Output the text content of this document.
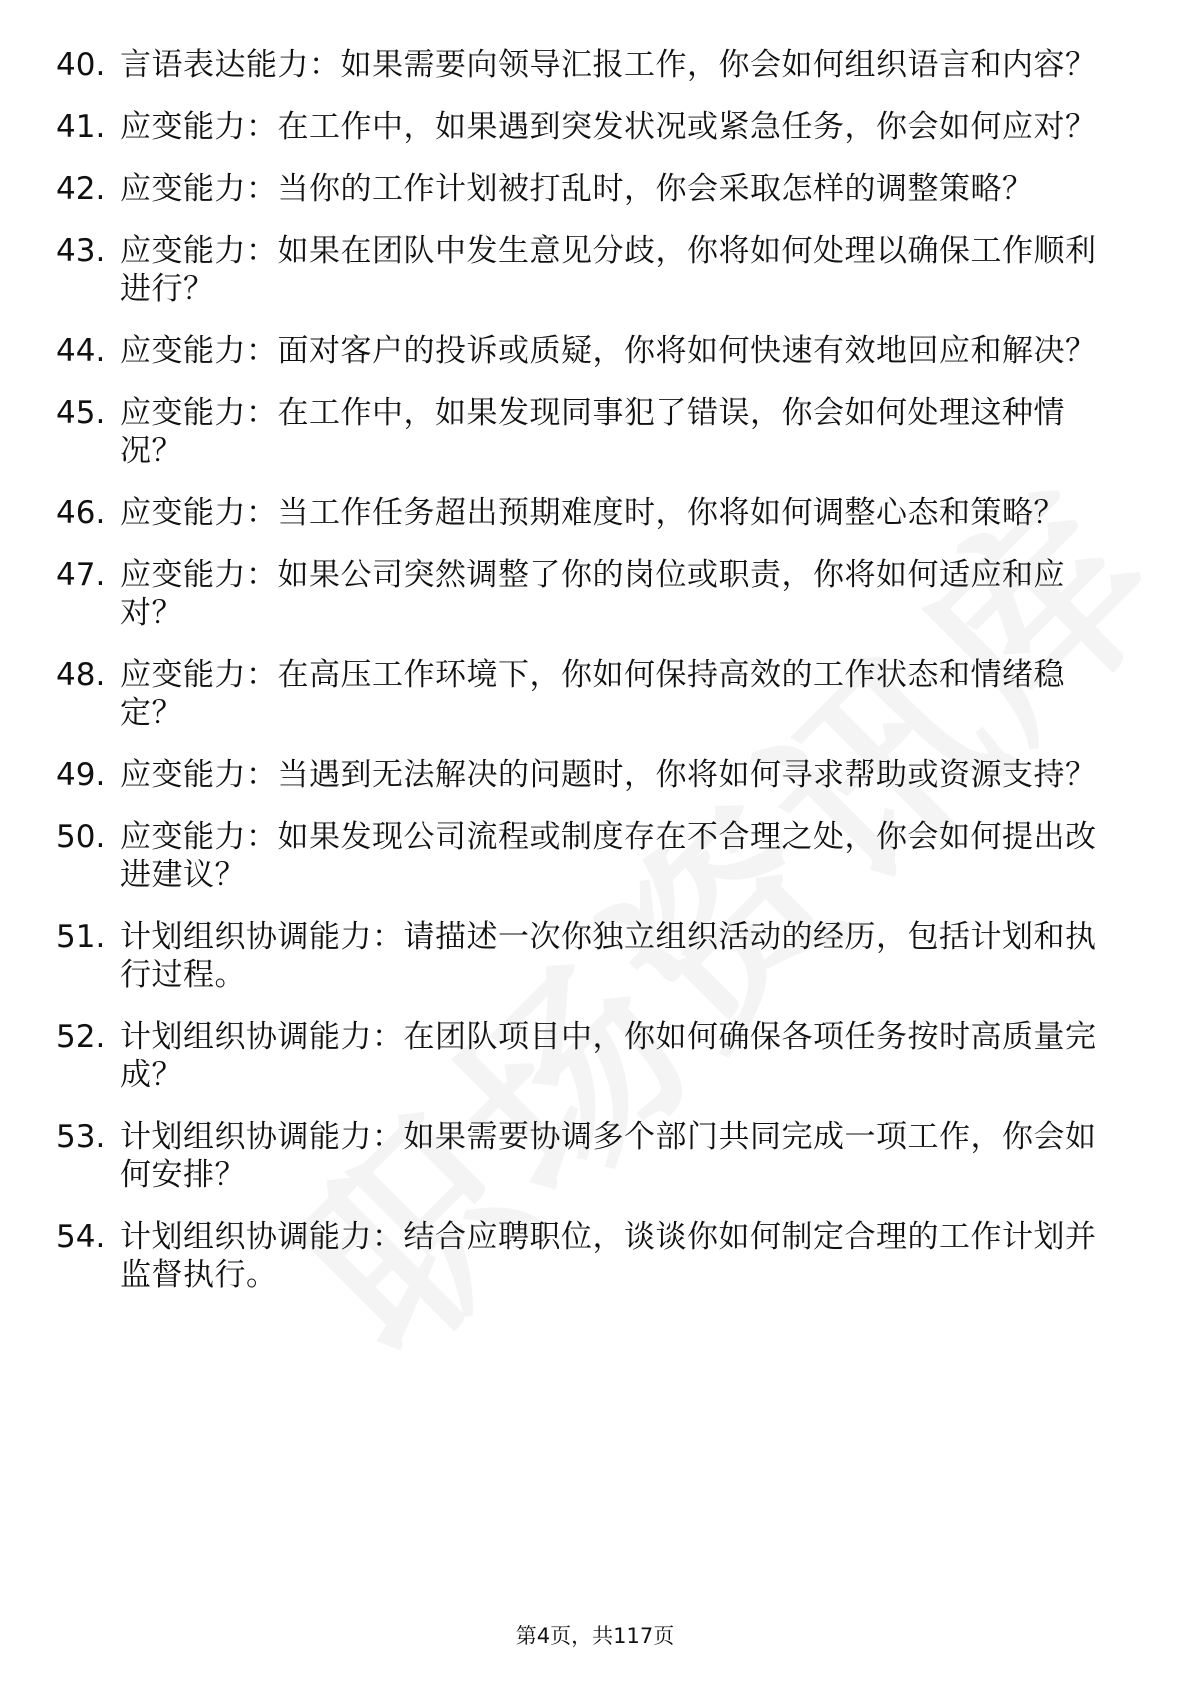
40. 言语表达能力：如果需要向领导汇报工作，你会如何组织语言和内容？
41. 应变能力：在工作中，如果遇到突发状况或紧急任务，你会如何应对？
42. 应变能力：当你的工作计划被打乱时，你会采取怎样的调整策略？
43. 应变能力：如果在团队中发生意见分歧，你将如何处理以确保工作顺利进行？
44. 应变能力：面对客户的投诉或质疑，你将如何快速有效地回应和解决？
45. 应变能力：在工作中，如果发现同事犯了错误，你会如何处理这种情况？
46. 应变能力：当工作任务超出预期难度时，你将如何调整心态和策略？
47. 应变能力：如果公司突然调整了你的岗位或职责，你将如何适应和应对？
48. 应变能力：在高压工作环境下，你如何保持高效的工作状态和情绪稳定？
49. 应变能力：当遇到无法解决的问题时，你将如何寻求帮助或资源支持？
50. 应变能力：如果发现公司流程或制度存在不合理之处，你会如何提出改进建议？
51. 计划组织协调能力：请描述一次你独立组织活动的经历，包括计划和执行过程。
52. 计划组织协调能力：在团队项目中，你如何确保各项任务按时高质量完成？
53. 计划组织协调能力：如果需要协调多个部门共同完成一项工作，你会如何安排？
54. 计划组织协调能力：结合应聘职位，谈谈你如何制定合理的工作计划并监督执行。
第4页，共117页
